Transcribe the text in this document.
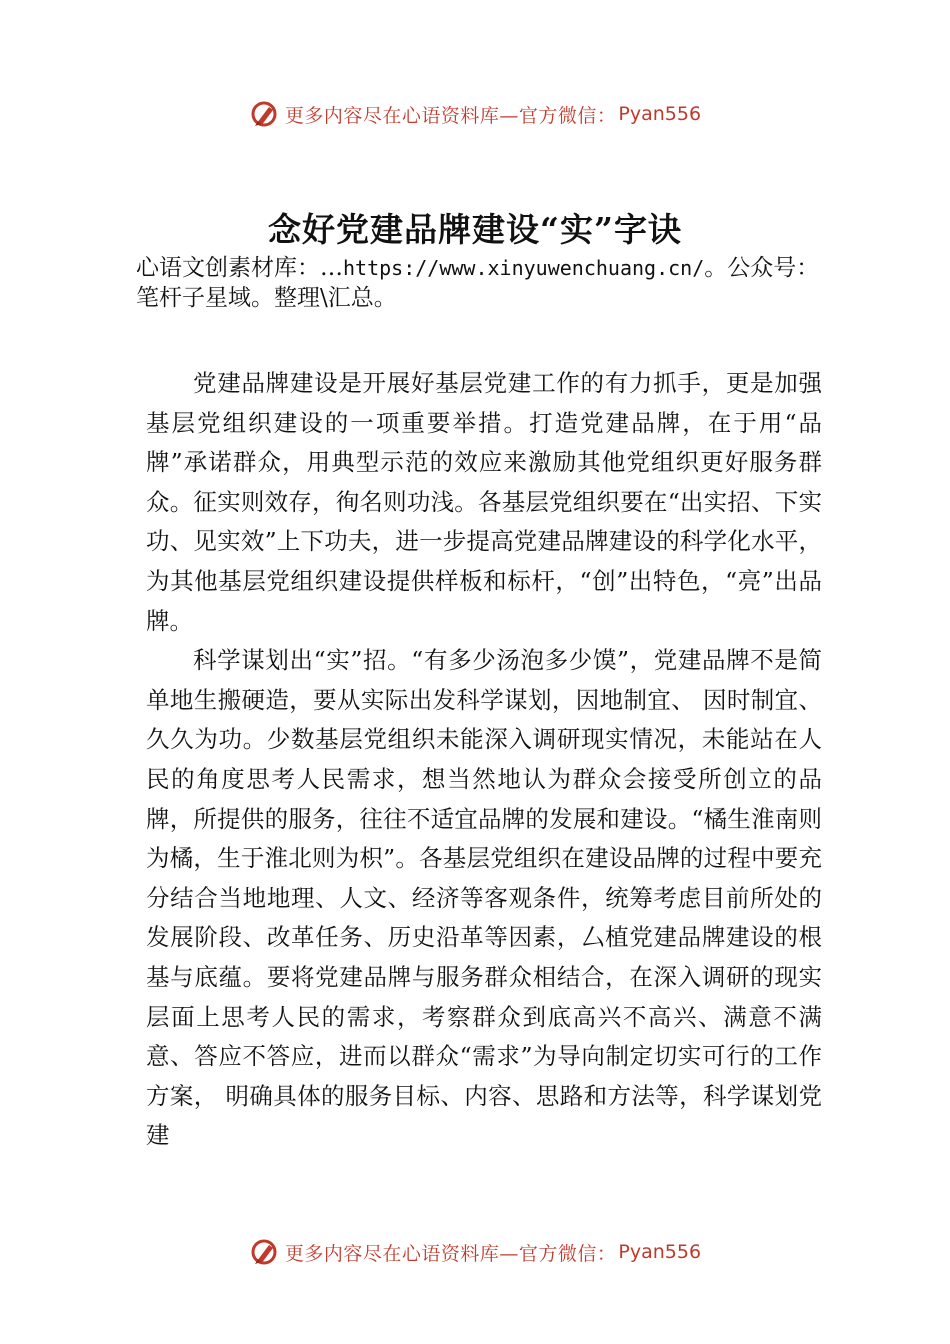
更多内容尽在心语资料库—官方微信： Pyan556
念好党建品牌建设“实”字诀
心语文创素材库：…https://www.xinyuwenchuang.cn/。公众号：笔杆子星域。整理\汇总。

党建品牌建设是开展好基层党建工作的有力抓手，更是加强基层党组织建设的一项重要举措。打造党建品牌，在于用“品牌”承诺群众，用典型示范的效应来激励其他党组织更好服务群众。征实则效存，徇名则功浅。各基层党组织要在“出实招、下实功、见实效”上下功夫，进一步提高党建品牌建设的科学化水平，为其他基层党组织建设提供样板和标杆，“创”出特色，“亮”出品牌。

科学谋划出“实”招。“有多少汤泡多少馍”，党建品牌不是简单地生搬硬造，要从实际出发科学谋划，因地制宜、 因时制宜、久久为功。少数基层党组织未能深入调研现实情况，未能站在人民的角度思考人民需求，想当然地认为群众会接受所创立的品牌，所提供的服务，往往不适宜品牌的发展和建设。“橘生淮南则为橘，生于淮北则为枳”。各基层党组织在建设品牌的过程中要充分结合当地地理、人文、经济等客观条件，统筹考虑目前所处的发展阶段、改革任务、历史沿革等因素，厶植党建品牌建设的根基与底蕴。要将党建品牌与服务群众相结合，在深入调研的现实层面上思考人民的需求，考察群众到底高兴不高兴、满意不满意、答应不答应，进而以群众“需求”为导向制定切实可行的工作方案， 明确具体的服务目标、内容、思路和方法等，科学谋划党建

更多内容尽在心语资料库—官方微信： Pyan556
